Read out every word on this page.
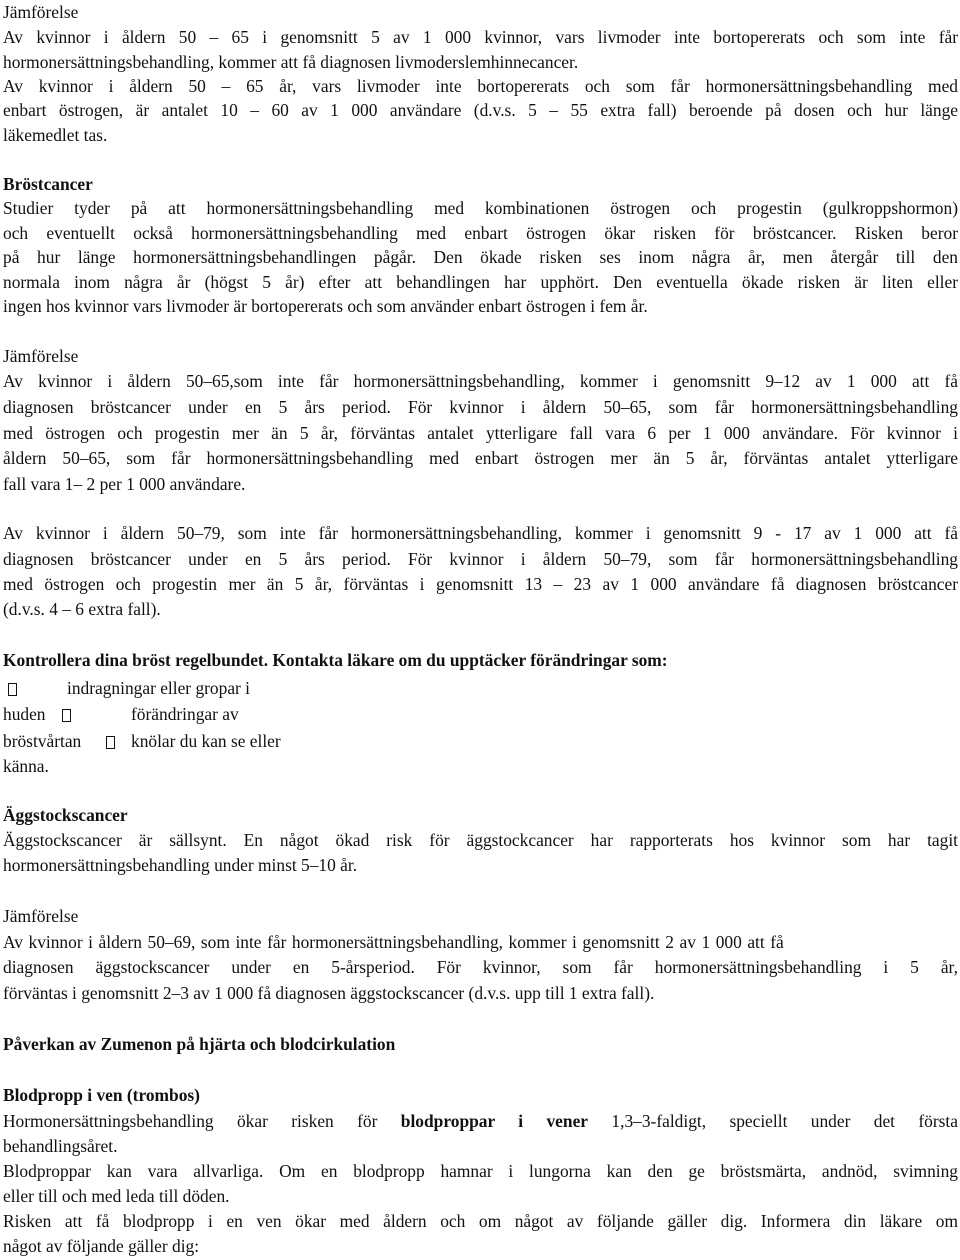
Jämförelse
Av kvinnor i åldern 50 – 65 i genomsnitt 5 av 1 000 kvinnor, vars livmoder inte bortopererats och som inte får
hormonersättningsbehandling, kommer att få diagnosen livmoderslemhinnecancer.
Av kvinnor i åldern 50 – 65 år, vars livmoder inte bortopererats och som får hormonersättningsbehandling med
enbart östrogen, är antalet 10 – 60 av 1 000 användare (d.v.s. 5 – 55 extra fall) beroende på dosen och hur länge
läkemedlet tas.
Bröstcancer
Studier tyder på att hormonersättningsbehandling med kombinationen östrogen och progestin (gulkroppshormon)
och eventuellt också hormonersättningsbehandling med enbart östrogen ökar risken för bröstcancer. Risken beror
på hur länge hormonersättningsbehandlingen pågår. Den ökade risken ses inom några år, men återgår till den
normala inom några år (högst 5 år) efter att behandlingen har upphört. Den eventuella ökade risken är liten eller
ingen hos kvinnor vars livmoder är bortopererats och som använder enbart östrogen i fem år.
Jämförelse
Av kvinnor i åldern 50–65,som inte får hormonersättningsbehandling, kommer i genomsnitt 9–12 av 1 000 att få
diagnosen bröstcancer under en 5 års period. För kvinnor i åldern 50–65, som får hormonersättningsbehandling
med östrogen och progestin mer än 5 år, förväntas antalet ytterligare fall vara 6 per 1 000 användare. För kvinnor i
åldern 50–65, som får hormonersättningsbehandling med enbart östrogen mer än 5 år, förväntas antalet ytterligare
fall vara 1– 2 per 1 000 användare.
Av kvinnor i åldern 50–79, som inte får hormonersättningsbehandling, kommer i genomsnitt 9 - 17 av 1 000 att få
diagnosen bröstcancer under en 5 års period. För kvinnor i åldern 50–79, som får hormonersättningsbehandling
med östrogen och progestin mer än 5 år, förväntas i genomsnitt 13 – 23 av 1 000 användare få diagnosen bröstcancer
(d.v.s. 4 – 6 extra fall).
Kontrollera dina bröst regelbundet. Kontakta läkare om du upptäcker förändringar som:
indragningar eller gropar i
huden	förändringar av
bröstvårtan	knölar du kan se eller
känna.
Äggstockscancer
Äggstockscancer är sällsynt. En något ökad risk för äggstockcancer har rapporterats hos kvinnor som har tagit
hormonersättningsbehandling under minst 5–10 år.
Jämförelse
Av kvinnor i åldern 50–69, som inte får hormonersättningsbehandling, kommer i genomsnitt 2 av 1 000 att få
diagnosen äggstockscancer under en 5-årsperiod. För kvinnor, som får hormonersättningsbehandling i 5 år,
förväntas i genomsnitt 2–3 av 1 000 få diagnosen äggstockscancer (d.v.s. upp till 1 extra fall).
Påverkan av Zumenon på hjärta och blodcirkulation
Blodpropp i ven (trombos)
Hormonersättningsbehandling ökar risken för blodproppar i vener 1,3–3-faldigt, speciellt under det första
behandlingsåret.
Blodproppar kan vara allvarliga. Om en blodpropp hamnar i lungorna kan den ge bröstsmärta, andnöd, svimning
eller till och med leda till döden.
Risken att få blodpropp i en ven ökar med åldern och om något av följande gäller dig. Informera din läkare om
något av följande gäller dig:
